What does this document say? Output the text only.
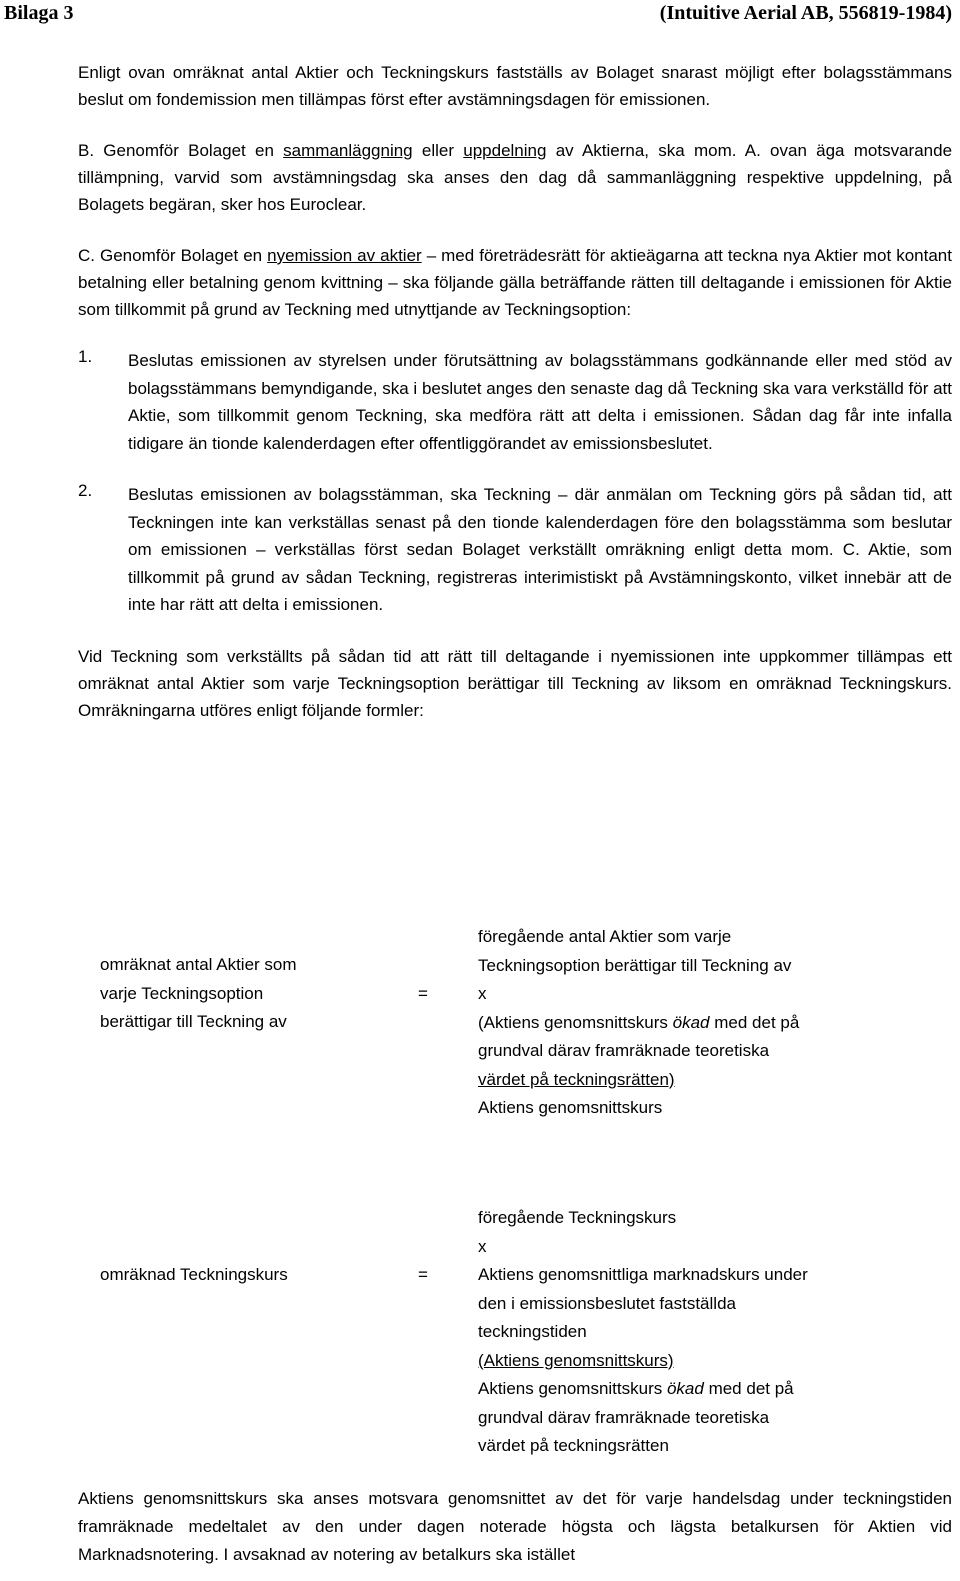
Bilaga 3	(Intuitive Aerial AB, 556819-1984)

Enligt ovan omräknat antal Aktier och Teckningskurs fastställs av Bolaget snarast möjligt efter bolagsstämmans beslut om fondemission men tillämpas först efter avstämningsdagen för emissionen.

B. Genomför Bolaget en sammanläggning eller uppdelning av Aktierna, ska mom. A. ovan äga motsvarande tillämpning, varvid som avstämningsdag ska anses den dag då sammanläggning respektive uppdelning, på Bolagets begäran, sker hos Euroclear.

C. Genomför Bolaget en nyemission av aktier – med företrädesrätt för aktieägarna att teckna nya Aktier mot kontant betalning eller betalning genom kvittning – ska följande gälla beträffande rätten till deltagande i emissionen för Aktie som tillkommit på grund av Teckning med utnyttjande av Teckningsoption:

1.	Beslutas emissionen av styrelsen under förutsättning av bolagsstämmans godkännande eller med stöd av bolagsstämmans bemyndigande, ska i beslutet anges den senaste dag då Teckning ska vara verkställd för att Aktie, som tillkommit genom Teckning, ska medföra rätt att delta i emissionen. Sådan dag får inte infalla tidigare än tionde kalenderdagen efter offentliggörandet av emissionsbeslutet.
2.	Beslutas emissionen av bolagsstämman, ska Teckning – där anmälan om Teckning görs på sådan tid, att Teckningen inte kan verkställas senast på den tionde kalenderdagen före den bolagsstämma som beslutar om emissionen – verkställas först sedan Bolaget verkställt omräkning enligt detta mom. C. Aktie, som tillkommit på grund av sådan Teckning, registreras interimistiskt på Avstämningskonto, vilket innebär att de inte har rätt att delta i emissionen.

Vid Teckning som verkställts på sådan tid att rätt till deltagande i nyemissionen inte uppkommer tillämpas ett omräknat antal Aktier som varje Teckningsoption berättigar till Teckning av liksom en omräknad Teckningskurs. Omräkningarna utföres enligt följande formler:

omräknat antal Aktier som
varje Teckningsoption
berättigar till Teckning av
=
föregående antal Aktier som varje
Teckningsoption berättigar till Teckning av
x
(Aktiens genomsnittskurs ökad med det på
grundval därav framräknade teoretiska
värdet på teckningsrätten)
Aktiens genomsnittskurs
omräknad Teckningskurs	=
föregående Teckningskurs
x
Aktiens genomsnittliga marknadskurs under
den i emissionsbeslutet fastställda
teckningstiden
(Aktiens genomsnittskurs)
Aktiens genomsnittskurs ökad med det på
grundval därav framräknade teoretiska
värdet på teckningsrätten

Aktiens genomsnittskurs ska anses motsvara genomsnittet av det för varje handelsdag under teckningstiden framräknade medeltalet av den under dagen noterade högsta och lägsta betalkursen för Aktien vid Marknadsnotering. I avsaknad av notering av betalkurs ska istället
